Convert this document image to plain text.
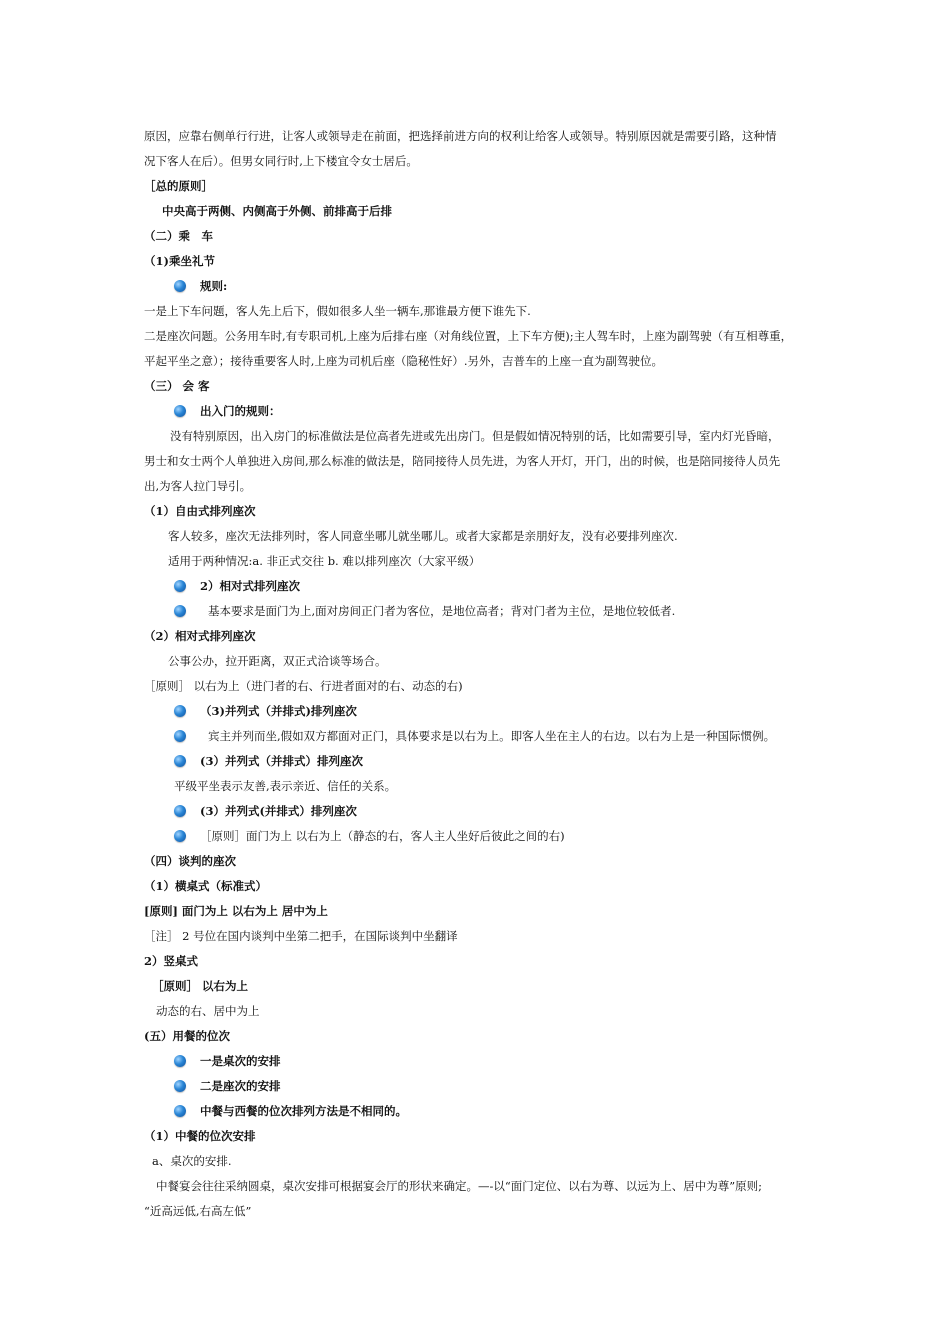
原因，应靠右侧单行行进，让客人或领导走在前面，把选择前进方向的权利让给客人或领导。特别原因就是需要引路，这种情
况下客人在后）。但男女同行时,上下楼宜令女士居后。
［总的原则］
中央高于两侧、内侧高于外侧、前排高于后排
（二）乘　车
（1)乘坐礼节
规则:
一是上下车问题，客人先上后下，假如很多人坐一辆车,那谁最方便下谁先下.
二是座次问题。公务用车时,有专职司机,上座为后排右座（对角线位置，上下车方便);主人驾车时，上座为副驾驶（有互相尊重，
平起平坐之意）；接待重要客人时,上座为司机后座（隐秘性好）.另外，吉普车的上座一直为副驾驶位。
（三） 会 客
出入门的规则：
没有特别原因，出入房门的标准做法是位高者先进或先出房门。但是假如情况特别的话，比如需要引导，室内灯光昏暗，
男士和女士两个人单独进入房间,那么标准的做法是，陪同接待人员先进，为客人开灯，开门，出的时候，也是陪同接待人员先
出,为客人拉门导引。
（1）自由式排列座次
客人较多，座次无法排列时，客人同意坐哪儿就坐哪儿。或者大家都是亲朋好友，没有必要排列座次.
适用于两种情况:a. 非正式交往 b. 难以排列座次（大家平级）
2）相对式排列座次
基本要求是面门为上,面对房间正门者为客位，是地位高者；背对门者为主位，是地位较低者.
（2）相对式排列座次
公事公办，拉开距离，双正式洽谈等场合。
［原则］ 以右为上（进门者的右、行进者面对的右、动态的右)
（3)并列式（并排式)排列座次
宾主并列而坐,假如双方都面对正门，具体要求是以右为上。即客人坐在主人的右边。以右为上是一种国际惯例。
(3）并列式（并排式）排列座次
平级平坐表示友善,表示亲近、信任的关系。
(3）并列式(并排式）排列座次
［原则］面门为上 以右为上（静态的右，客人主人坐好后彼此之间的右)
（四）谈判的座次
（1）横桌式（标准式）
[原则] 面门为上 以右为上 居中为上
［注］ 2 号位在国内谈判中坐第二把手，在国际谈判中坐翻译
2）竖桌式
［原则］ 以右为上
动态的右、居中为上
(五）用餐的位次
一是桌次的安排
二是座次的安排
中餐与西餐的位次排列方法是不相同的。
（1）中餐的位次安排
a、桌次的安排.
中餐宴会往往采纳圆桌，桌次安排可根据宴会厅的形状来确定。—-以“面门定位、以右为尊、以远为上、居中为尊”原则;
“近高远低,右高左低”
